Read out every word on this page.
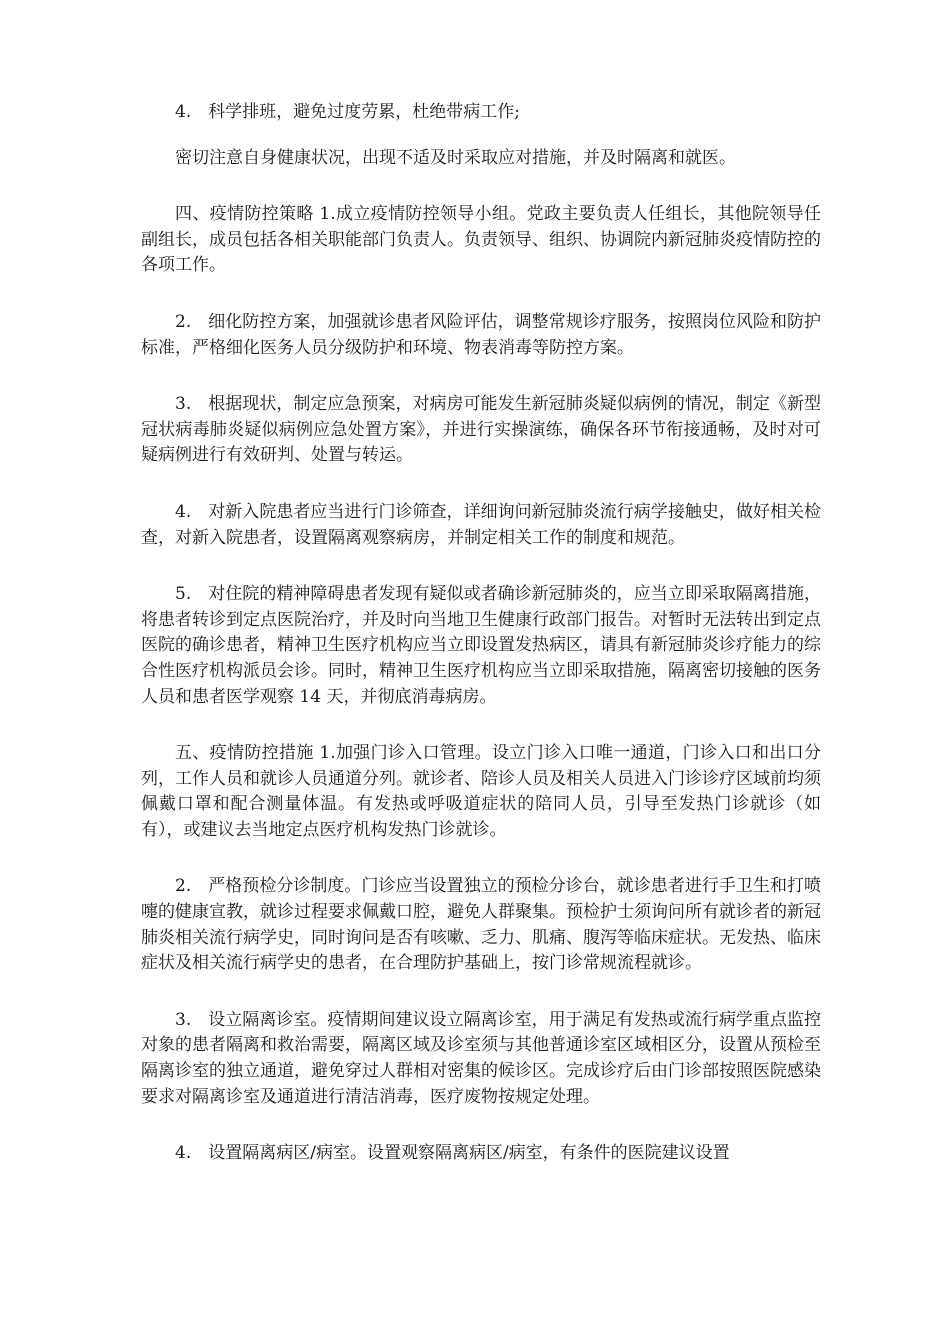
4.　科学排班，避免过度劳累，杜绝带病工作;

密切注意自身健康状况，出现不适及时采取应对措施，并及时隔离和就医。

四、疫情防控策略 1.成立疫情防控领导小组。党政主要负责人任组长，其他院领导任副组长，成员包括各相关职能部门负责人。负责领导、组织、协调院内新冠肺炎疫情防控的各项工作。

2.　细化防控方案，加强就诊患者风险评估，调整常规诊疗服务，按照岗位风险和防护标准，严格细化医务人员分级防护和环境、物表消毒等防控方案。

3.　根据现状，制定应急预案，对病房可能发生新冠肺炎疑似病例的情况，制定《新型冠状病毒肺炎疑似病例应急处置方案》，并进行实操演练，确保各环节衔接通畅，及时对可疑病例进行有效研判、处置与转运。

4.　对新入院患者应当进行门诊筛查，详细询问新冠肺炎流行病学接触史，做好相关检查，对新入院患者，设置隔离观察病房，并制定相关工作的制度和规范。

5.　对住院的精神障碍患者发现有疑似或者确诊新冠肺炎的，应当立即采取隔离措施，将患者转诊到定点医院治疗，并及时向当地卫生健康行政部门报告。对暂时无法转出到定点医院的确诊患者，精神卫生医疗机构应当立即设置发热病区，请具有新冠肺炎诊疗能力的综合性医疗机构派员会诊。同时，精神卫生医疗机构应当立即采取措施，隔离密切接触的医务人员和患者医学观察 14 天，并彻底消毒病房。

五、疫情防控措施 1.加强门诊入口管理。设立门诊入口唯一通道，门诊入口和出口分列，工作人员和就诊人员通道分列。就诊者、陪诊人员及相关人员进入门诊诊疗区域前均须佩戴口罩和配合测量体温。有发热或呼吸道症状的陪同人员，引导至发热门诊就诊（如有），或建议去当地定点医疗机构发热门诊就诊。

2.　严格预检分诊制度。门诊应当设置独立的预检分诊台，就诊患者进行手卫生和打喷嚏的健康宣教，就诊过程要求佩戴口腔，避免人群聚集。预检护士须询问所有就诊者的新冠肺炎相关流行病学史，同时询问是否有咳嗽、乏力、肌痛、腹泻等临床症状。无发热、临床症状及相关流行病学史的患者，在合理防护基础上，按门诊常规流程就诊。

3.　设立隔离诊室。疫情期间建议设立隔离诊室，用于满足有发热或流行病学重点监控对象的患者隔离和救治需要，隔离区域及诊室须与其他普通诊室区域相区分，设置从预检至隔离诊室的独立通道，避免穿过人群相对密集的候诊区。完成诊疗后由门诊部按照医院感染要求对隔离诊室及通道进行清洁消毒，医疗废物按规定处理。

4.　设置隔离病区/病室。设置观察隔离病区/病室，有条件的医院建议设置
